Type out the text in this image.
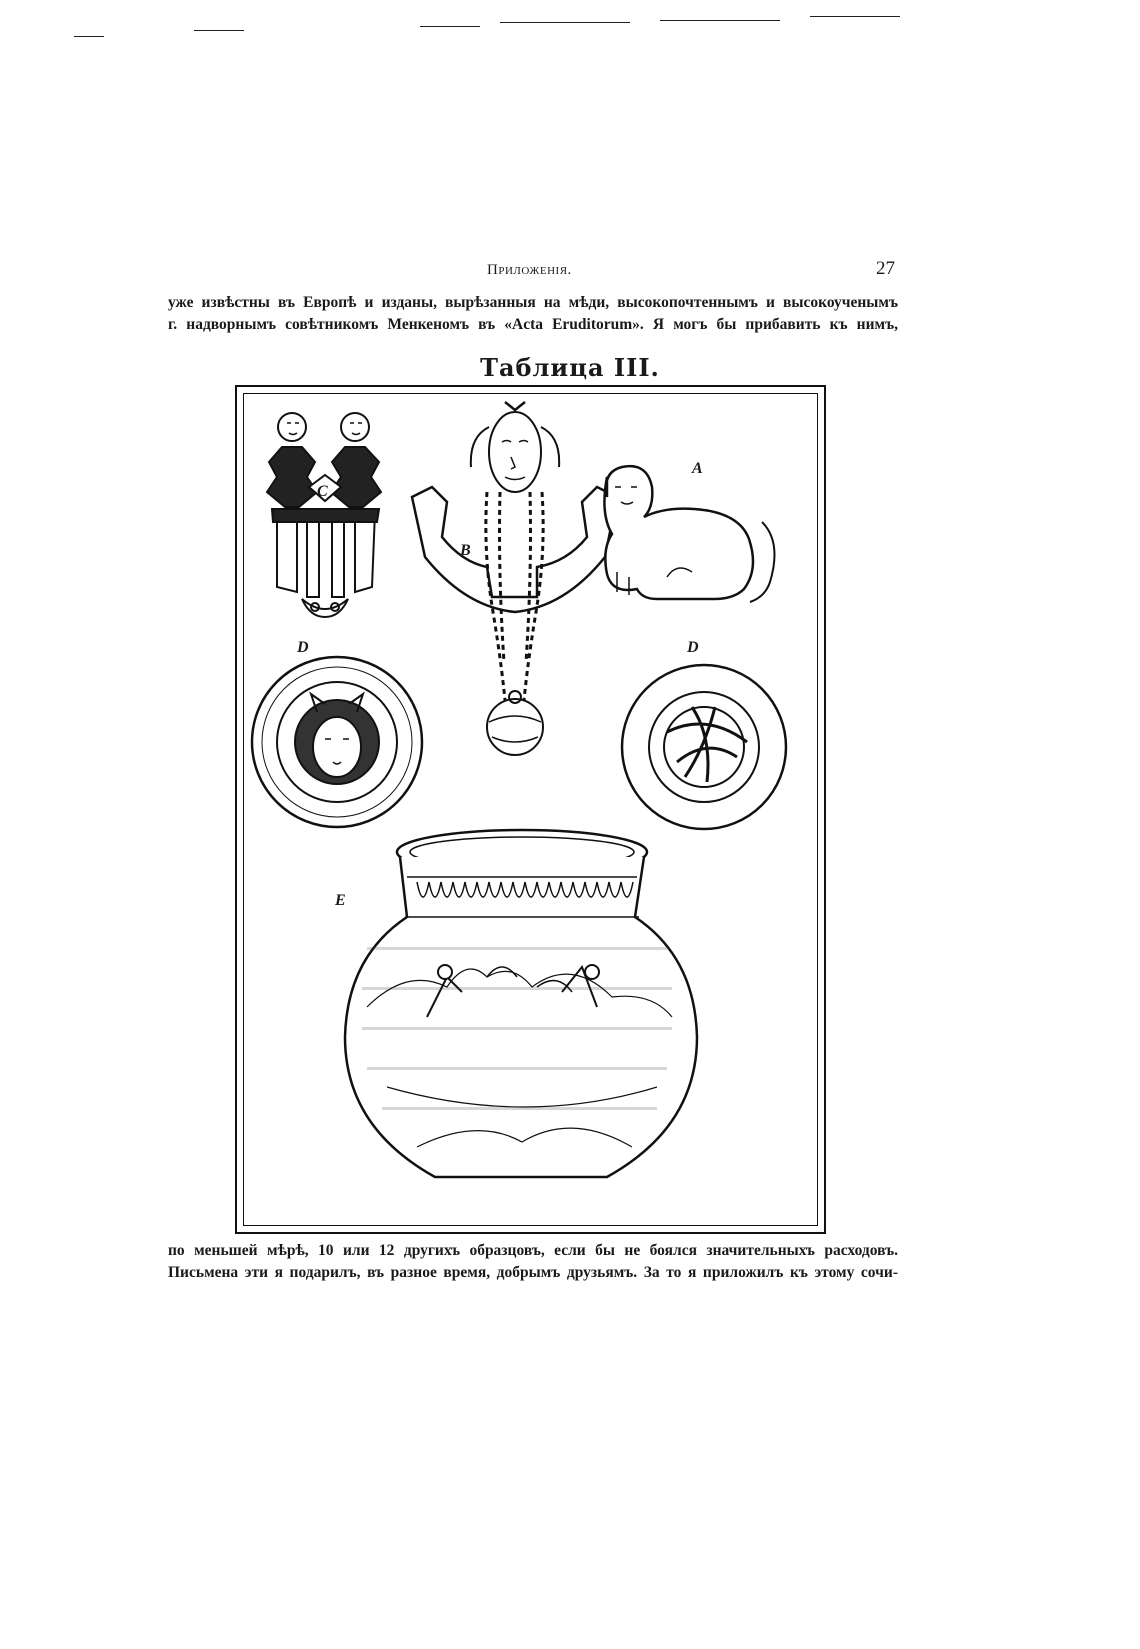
Приложенія.	27
уже извѣстны въ Европѣ и изданы, вырѣзанныя на мѣди, высокопочтеннымъ и высокоученымъ
г. надворнымъ совѣтникомъ Менкеномъ въ «Acta Eruditorum». Я могъ бы прибавить къ нимъ,
Таблица III.
A
B
C
D	D
E
по меньшей мѣрѣ, 10 или 12 другихъ образцовъ, если бы не боялся значительныхъ расходовъ.
Письмена эти я подарилъ, въ разное время, добрымъ друзьямъ. За то я приложилъ къ этому сочи-
